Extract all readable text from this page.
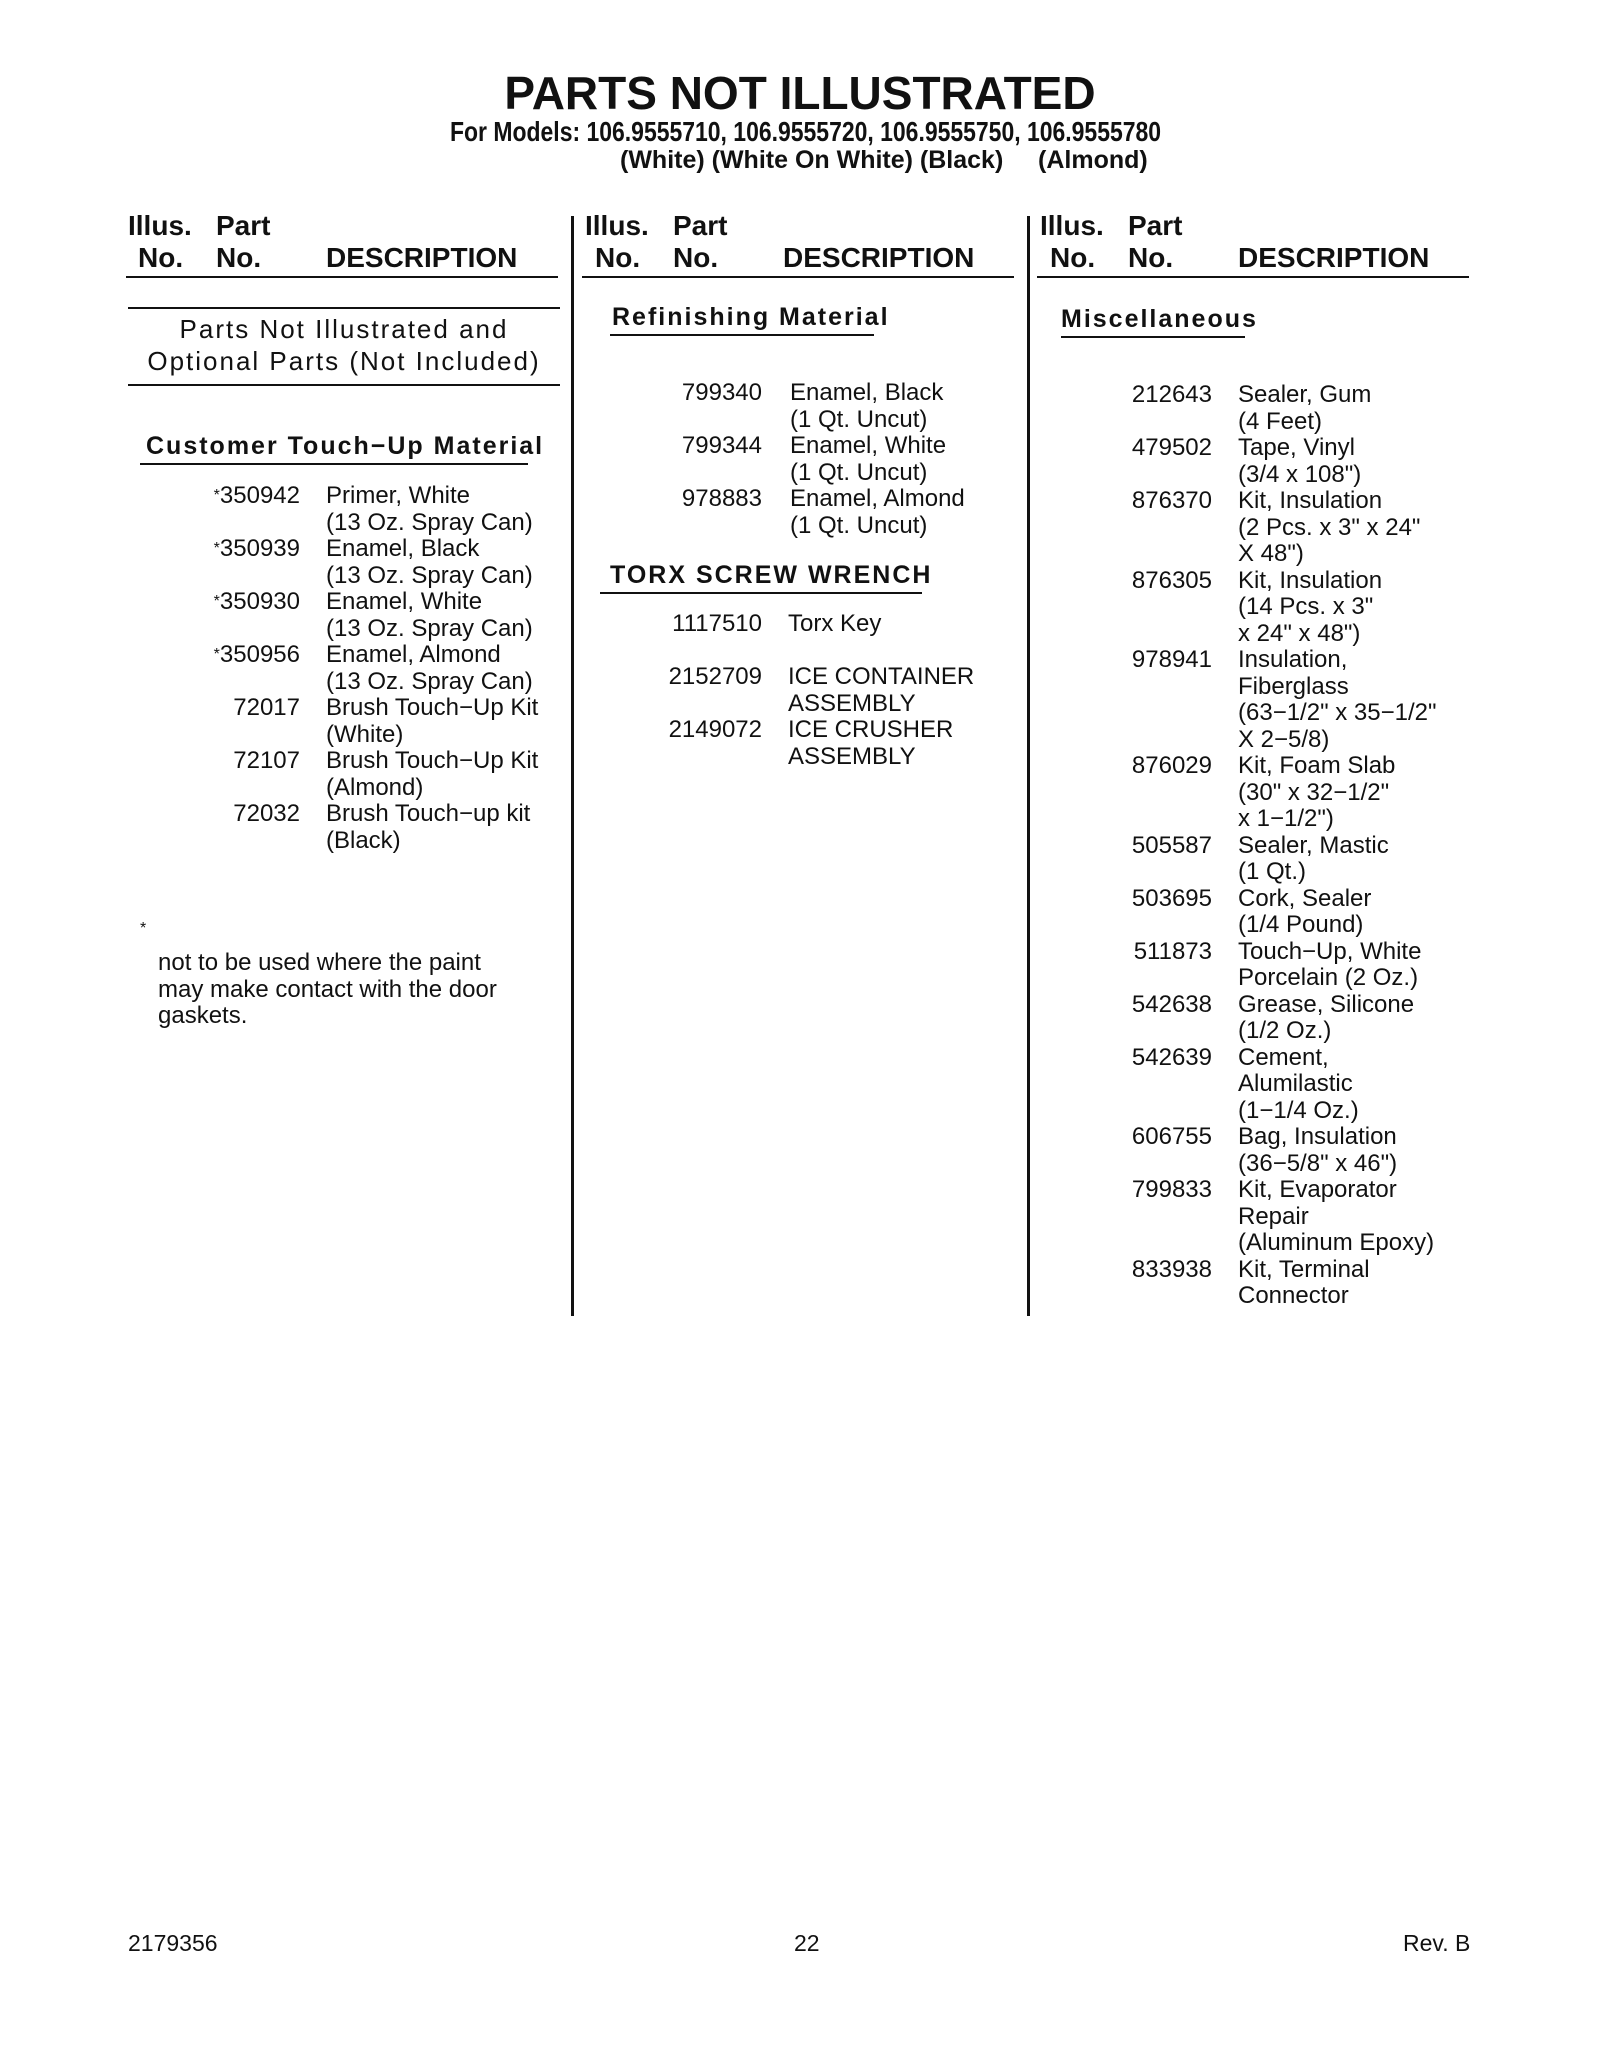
PARTS NOT ILLUSTRATED
For Models: 106.9555710, 106.9555720, 106.9555750, 106.9555780
(White) (White On White) (Black)     (Almond)
Illus. Part
No. No. DESCRIPTION
Illus. Part
No. No. DESCRIPTION
Illus. Part
No. No. DESCRIPTION
Parts Not Illustrated and
Optional Parts (Not Included)
Customer Touch−Up Material
*350942 Primer, White
(13 Oz. Spray Can)
*350939 Enamel, Black
(13 Oz. Spray Can)
*350930 Enamel, White
(13 Oz. Spray Can)
*350956 Enamel, Almond
(13 Oz. Spray Can)
72017 Brush Touch−Up Kit
(White)
72107 Brush Touch−Up Kit
(Almond)
72032 Brush Touch−up kit
(Black)
*
not to be used where the paint
may make contact with the door
gaskets.
Refinishing Material
799340 Enamel, Black
(1 Qt. Uncut)
799344 Enamel, White
(1 Qt. Uncut)
978883 Enamel, Almond
(1 Qt. Uncut)
TORX SCREW WRENCH
1117510 Torx Key
2152709 ICE CONTAINER
ASSEMBLY
2149072 ICE CRUSHER
ASSEMBLY
Miscellaneous
212643 Sealer, Gum
(4 Feet)
479502 Tape, Vinyl
(3/4 x 108")
876370 Kit, Insulation
(2 Pcs. x 3" x 24"
X 48")
876305 Kit, Insulation
(14 Pcs. x 3"
x 24" x 48")
978941 Insulation,
Fiberglass
(63−1/2" x 35−1/2"
X 2−5/8)
876029 Kit, Foam Slab
(30" x 32−1/2"
x 1−1/2")
505587 Sealer, Mastic
(1 Qt.)
503695 Cork, Sealer
(1/4 Pound)
511873 Touch−Up, White
Porcelain (2 Oz.)
542638 Grease, Silicone
(1/2 Oz.)
542639 Cement,
Alumilastic
(1−1/4 Oz.)
606755 Bag, Insulation
(36−5/8" x 46")
799833 Kit, Evaporator
Repair
(Aluminum Epoxy)
833938 Kit, Terminal
Connector
2179356	22	Rev. B
